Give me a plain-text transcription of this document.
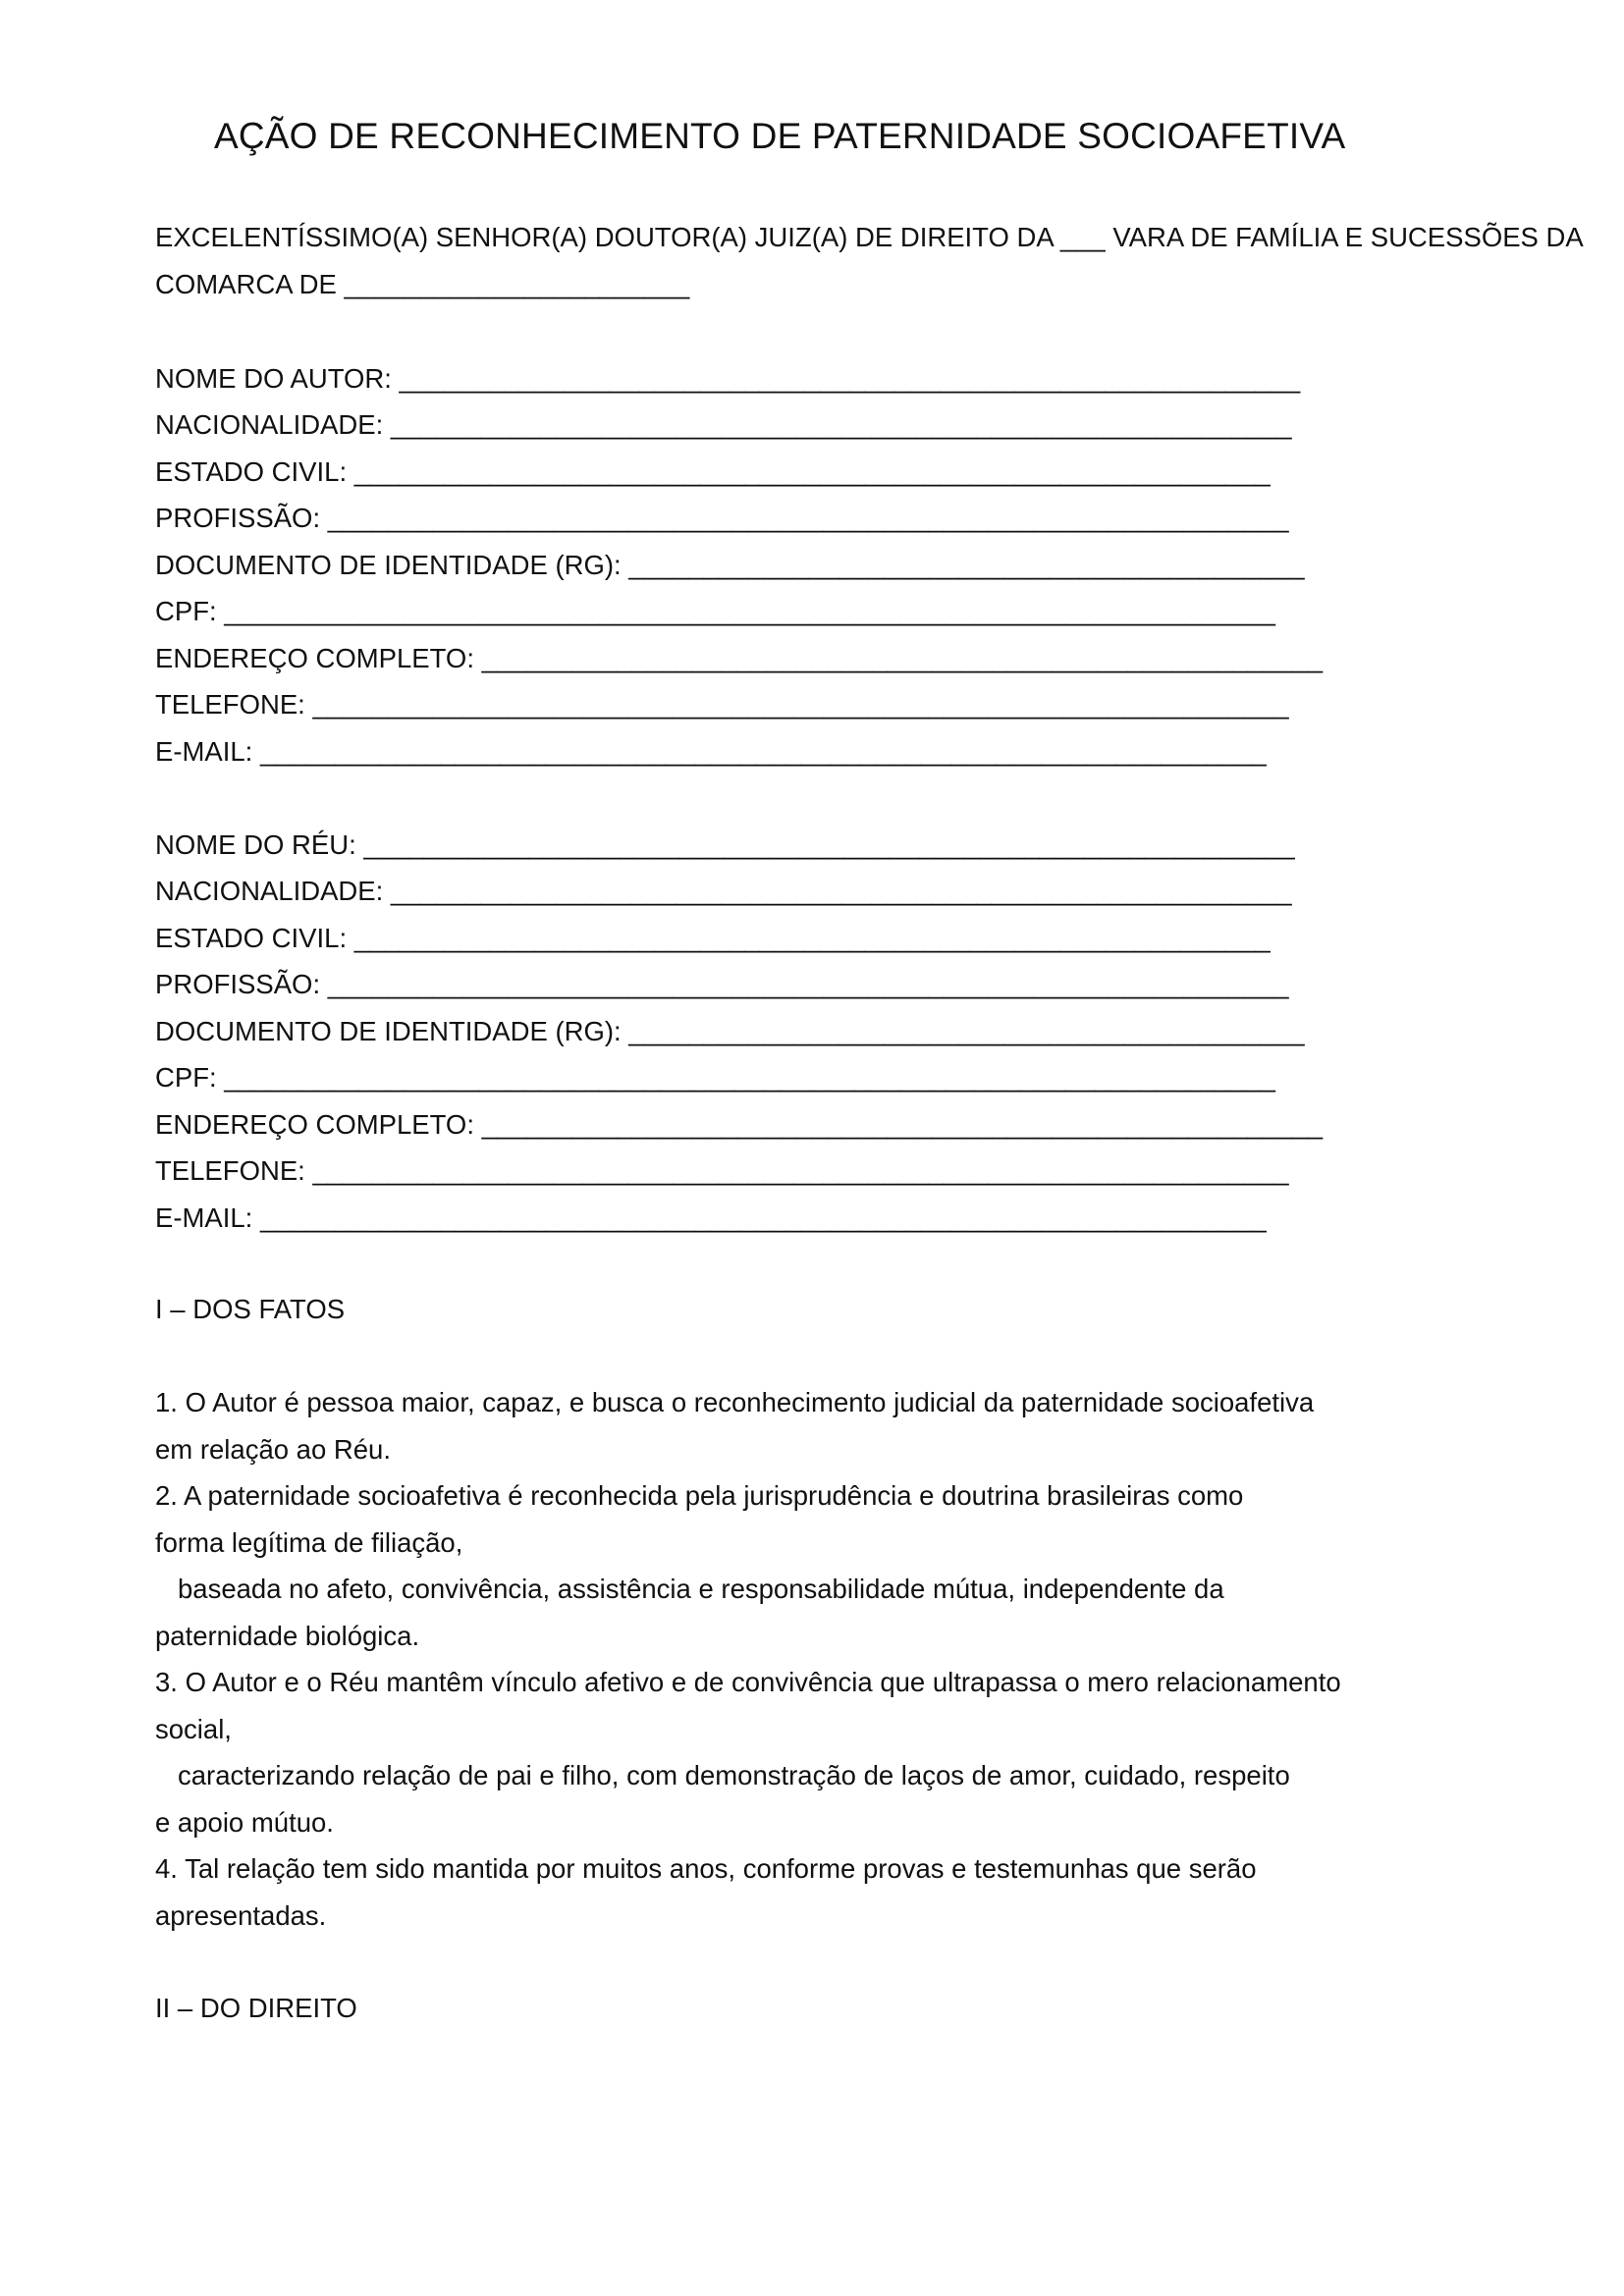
AÇÃO DE RECONHECIMENTO DE PATERNIDADE SOCIOAFETIVA
EXCELENTÍSSIMO(A) SENHOR(A) DOUTOR(A) JUIZ(A) DE DIREITO DA ___ VARA DE FAMÍLIA E SUCESSÕES DA
COMARCA DE _______________________
NOME DO AUTOR: ____________________________________________________________
NACIONALIDADE: ____________________________________________________________
ESTADO CIVIL: _____________________________________________________________
PROFISSÃO: ________________________________________________________________
DOCUMENTO DE IDENTIDADE (RG): _____________________________________________
CPF: ______________________________________________________________________
ENDEREÇO COMPLETO: ________________________________________________________
TELEFONE: _________________________________________________________________
E-MAIL: ___________________________________________________________________
NOME DO RÉU: ______________________________________________________________
NACIONALIDADE: ____________________________________________________________
ESTADO CIVIL: _____________________________________________________________
PROFISSÃO: ________________________________________________________________
DOCUMENTO DE IDENTIDADE (RG): _____________________________________________
CPF: ______________________________________________________________________
ENDEREÇO COMPLETO: ________________________________________________________
TELEFONE: _________________________________________________________________
E-MAIL: ___________________________________________________________________
I – DOS FATOS
1. O Autor é pessoa maior, capaz, e busca o reconhecimento judicial da paternidade socioafetiva
em relação ao Réu.
2. A paternidade socioafetiva é reconhecida pela jurisprudência e doutrina brasileiras como
forma legítima de filiação,
baseada no afeto, convivência, assistência e responsabilidade mútua, independente da
paternidade biológica.
3. O Autor e o Réu mantêm vínculo afetivo e de convivência que ultrapassa o mero relacionamento
social,
caracterizando relação de pai e filho, com demonstração de laços de amor, cuidado, respeito
e apoio mútuo.
4. Tal relação tem sido mantida por muitos anos, conforme provas e testemunhas que serão
apresentadas.
II – DO DIREITO
